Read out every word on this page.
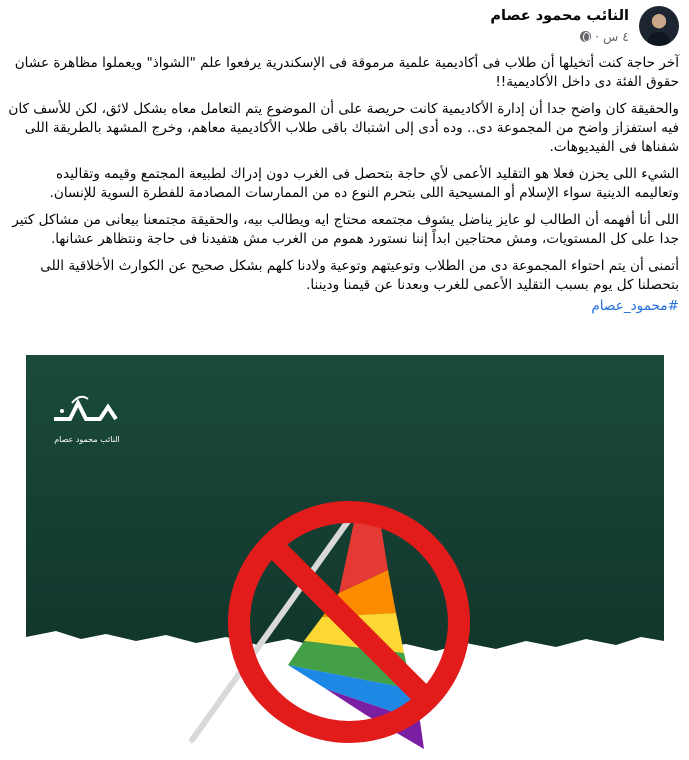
النائب محمود عصام
٤ س ·

آخر حاجة كنت أتخيلها أن طلاب فى أكاديمية علمية مرموقة فى الإسكندرية يرفعوا علم "الشواذ" ويعملوا مظاهرة عشان حقوق الفئة دى داخل الأكاديمية!!

والحقيقة كان واضح جدا أن إدارة الأكاديمية كانت حريصة على أن الموضوع يتم التعامل معاه بشكل لائق، لكن للأسف كان فيه استفزاز واضح من المجموعة دى.. وده أدى إلى اشتباك باقى طلاب الأكاديمية معاهم، وخرج المشهد بالطريقة اللى شفناها فى الفيديوهات.

الشيء اللى يحزن فعلا هو التقليد الأعمى لأي حاجة بتحصل فى الغرب دون إدراك لطبيعة المجتمع وقيمه وتقاليده وتعاليمه الدينية سواء الإسلام أو المسيحية اللى بتحرم النوع ده من الممارسات المصادمة للفطرة السوية للإنسان.

اللى أنا أفهمه أن الطالب لو عايز يناضل يشوف مجتمعه محتاج ايه ويطالب بيه، والحقيقة مجتمعنا بيعانى من مشاكل كتير جدا على كل المستويات، ومش محتاجين ابداً إننا نستورد هموم من الغرب مش هتفيدنا فى حاجة ونتظاهر عشانها.

أتمنى أن يتم احتواء المجموعة دى من الطلاب وتوعيتهم وتوعية ولادنا كلهم بشكل صحيح عن الكوارث الأخلاقية اللى بتحصلنا كل يوم بسبب التقليد الأعمى للغرب وبعدنا عن قيمنا وديننا.

#محمود_عصام
النائب محمود عصام
